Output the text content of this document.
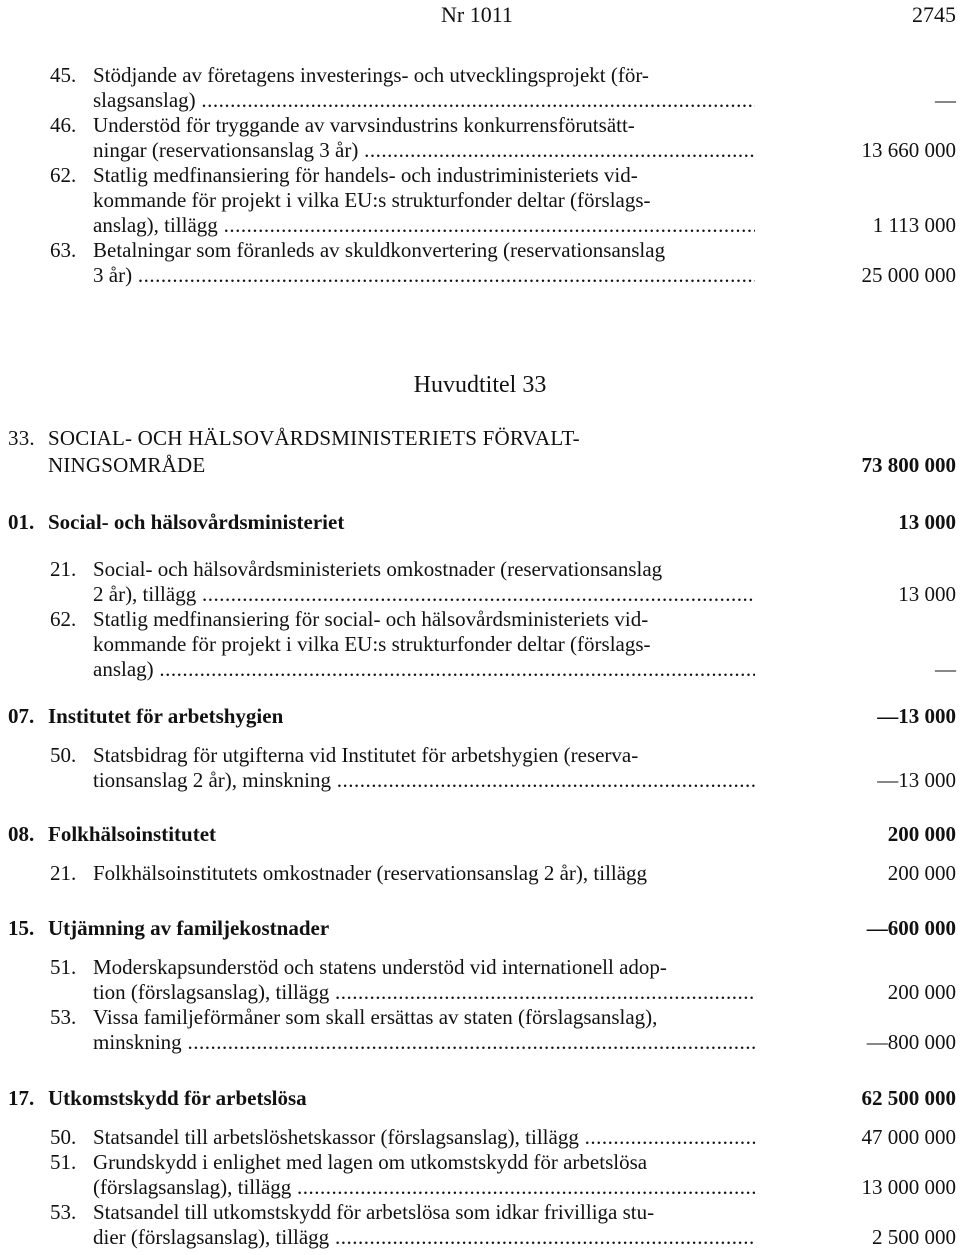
Nr 1011	2745
45. Stödjande av företagens investerings- och utvecklingsprojekt (för-
slagsanslag) .....	—
46. Understöd för tryggande av varvsindustrins konkurrensförutsätt-
ningar (reservationsanslag 3 år) .....	13 660 000
62. Statlig medfinansiering för handels- och industriministeriets vid-
kommande för projekt i vilka EU:s strukturfonder deltar (förslags-
anslag), tillägg .....	1 113 000
63. Betalningar som föranleds av skuldkonvertering (reservationsanslag
3 år) .....	25 000 000
Huvudtitel 33
33. SOCIAL- OCH HÄLSOVÅRDSMINISTERIETS FÖRVALT-
NINGSOMRÅDE	73 800 000
01. Social- och hälsovårdsministeriet	13 000
21. Social- och hälsovårdsministeriets omkostnader (reservationsanslag
2 år), tillägg .....	13 000
62. Statlig medfinansiering för social- och hälsovårdsministeriets vid-
kommande för projekt i vilka EU:s strukturfonder deltar (förslags-
anslag) .....	—
07. Institutet för arbetshygien	—13 000
50. Statsbidrag för utgifterna vid Institutet för arbetshygien (reserva-
tionsanslag 2 år), minskning .....	—13 000
08. Folkhälsoinstitutet	200 000
21. Folkhälsoinstitutets omkostnader (reservationsanslag 2 år), tillägg	200 000
15. Utjämning av familjekostnader	—600 000
51. Moderskapsunderstöd och statens understöd vid internationell adop-
tion (förslagsanslag), tillägg .....	200 000
53. Vissa familjeförmåner som skall ersättas av staten (förslagsanslag),
minskning .....	—800 000
17. Utkomstskydd för arbetslösa	62 500 000
50. Statsandel till arbetslöshetskassor (förslagsanslag), tillägg .....	47 000 000
51. Grundskydd i enlighet med lagen om utkomstskydd för arbetslösa
(förslagsanslag), tillägg .....	13 000 000
53. Statsandel till utkomstskydd för arbetslösa som idkar frivilliga stu-
dier (förslagsanslag), tillägg .....	2 500 000
